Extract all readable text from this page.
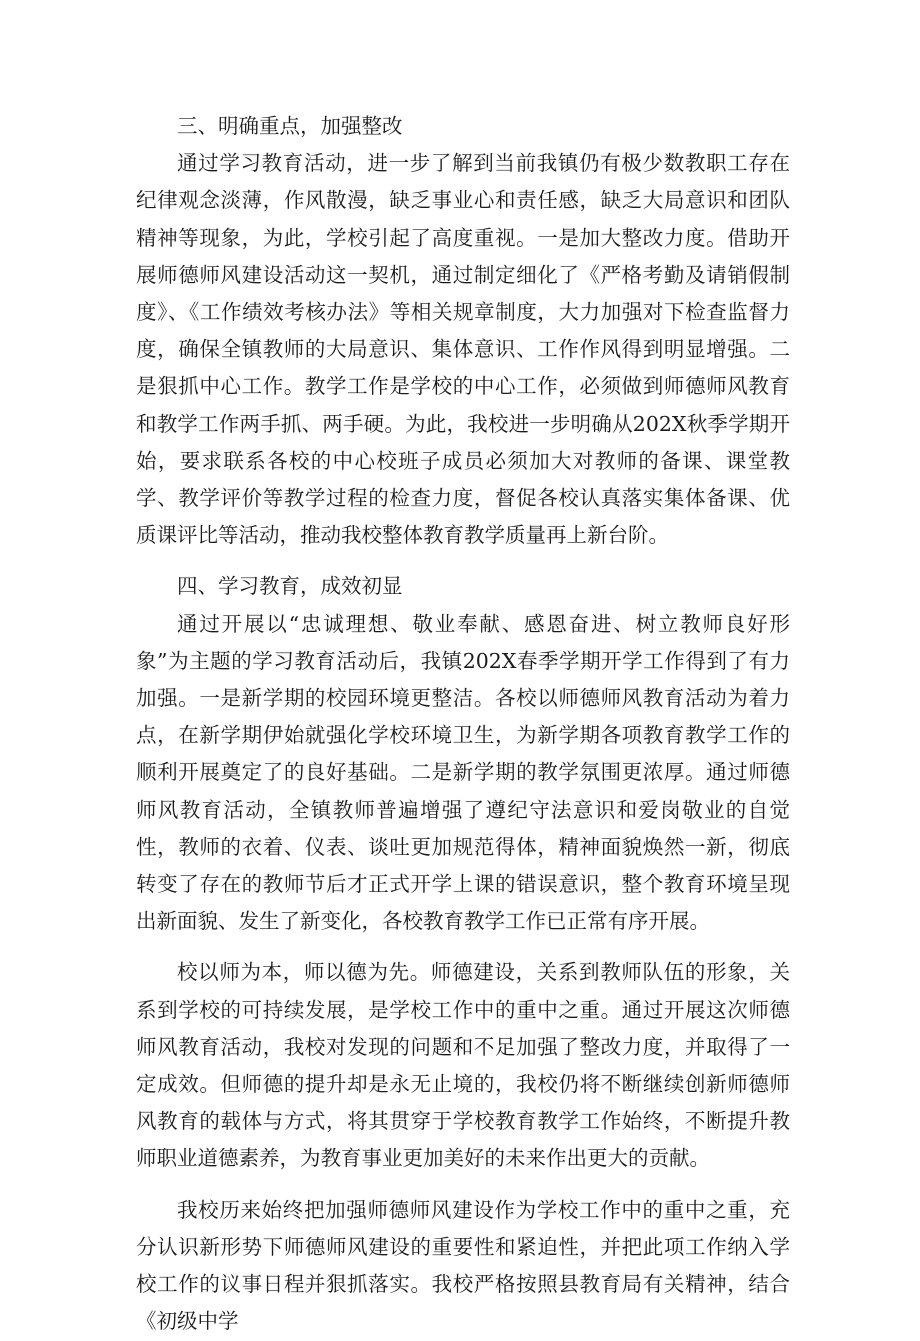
三、明确重点，加强整改

通过学习教育活动，进一步了解到当前我镇仍有极少数教职工存在纪律观念淡薄，作风散漫，缺乏事业心和责任感，缺乏大局意识和团队精神等现象，为此，学校引起了高度重视。一是加大整改力度。借助开展师德师风建设活动这一契机，通过制定细化了《严格考勤及请销假制度》、《工作绩效考核办法》等相关规章制度，大力加强对下检查监督力度，确保全镇教师的大局意识、集体意识、工作作风得到明显增强。二是狠抓中心工作。教学工作是学校的中心工作，必须做到师德师风教育和教学工作两手抓、两手硬。为此，我校进一步明确从202X秋季学期开始，要求联系各校的中心校班子成员必须加大对教师的备课、课堂教学、教学评价等教学过程的检查力度，督促各校认真落实集体备课、优质课评比等活动，推动我校整体教育教学质量再上新台阶。

四、学习教育，成效初显

通过开展以“忠诚理想、敬业奉献、感恩奋进、树立教师良好形象”为主题的学习教育活动后，我镇202X春季学期开学工作得到了有力加强。一是新学期的校园环境更整洁。各校以师德师风教育活动为着力点，在新学期伊始就强化学校环境卫生，为新学期各项教育教学工作的顺利开展奠定了的良好基础。二是新学期的教学氛围更浓厚。通过师德师风教育活动，全镇教师普遍增强了遵纪守法意识和爱岗敬业的自觉性，教师的衣着、仪表、谈吐更加规范得体，精神面貌焕然一新，彻底转变了存在的教师节后才正式开学上课的错误意识，整个教育环境呈现出新面貌、发生了新变化，各校教育教学工作已正常有序开展。

校以师为本，师以德为先。师德建设，关系到教师队伍的形象，关系到学校的可持续发展，是学校工作中的重中之重。通过开展这次师德师风教育活动，我校对发现的问题和不足加强了整改力度，并取得了一定成效。但师德的提升却是永无止境的，我校仍将不断继续创新师德师风教育的载体与方式，将其贯穿于学校教育教学工作始终，不断提升教师职业道德素养，为教育事业更加美好的未来作出更大的贡献。

我校历来始终把加强师德师风建设作为学校工作中的重中之重，充分认识新形势下师德师风建设的重要性和紧迫性，并把此项工作纳入学校工作的议事日程并狠抓落实。我校严格按照县教育局有关精神，结合《初级中学
